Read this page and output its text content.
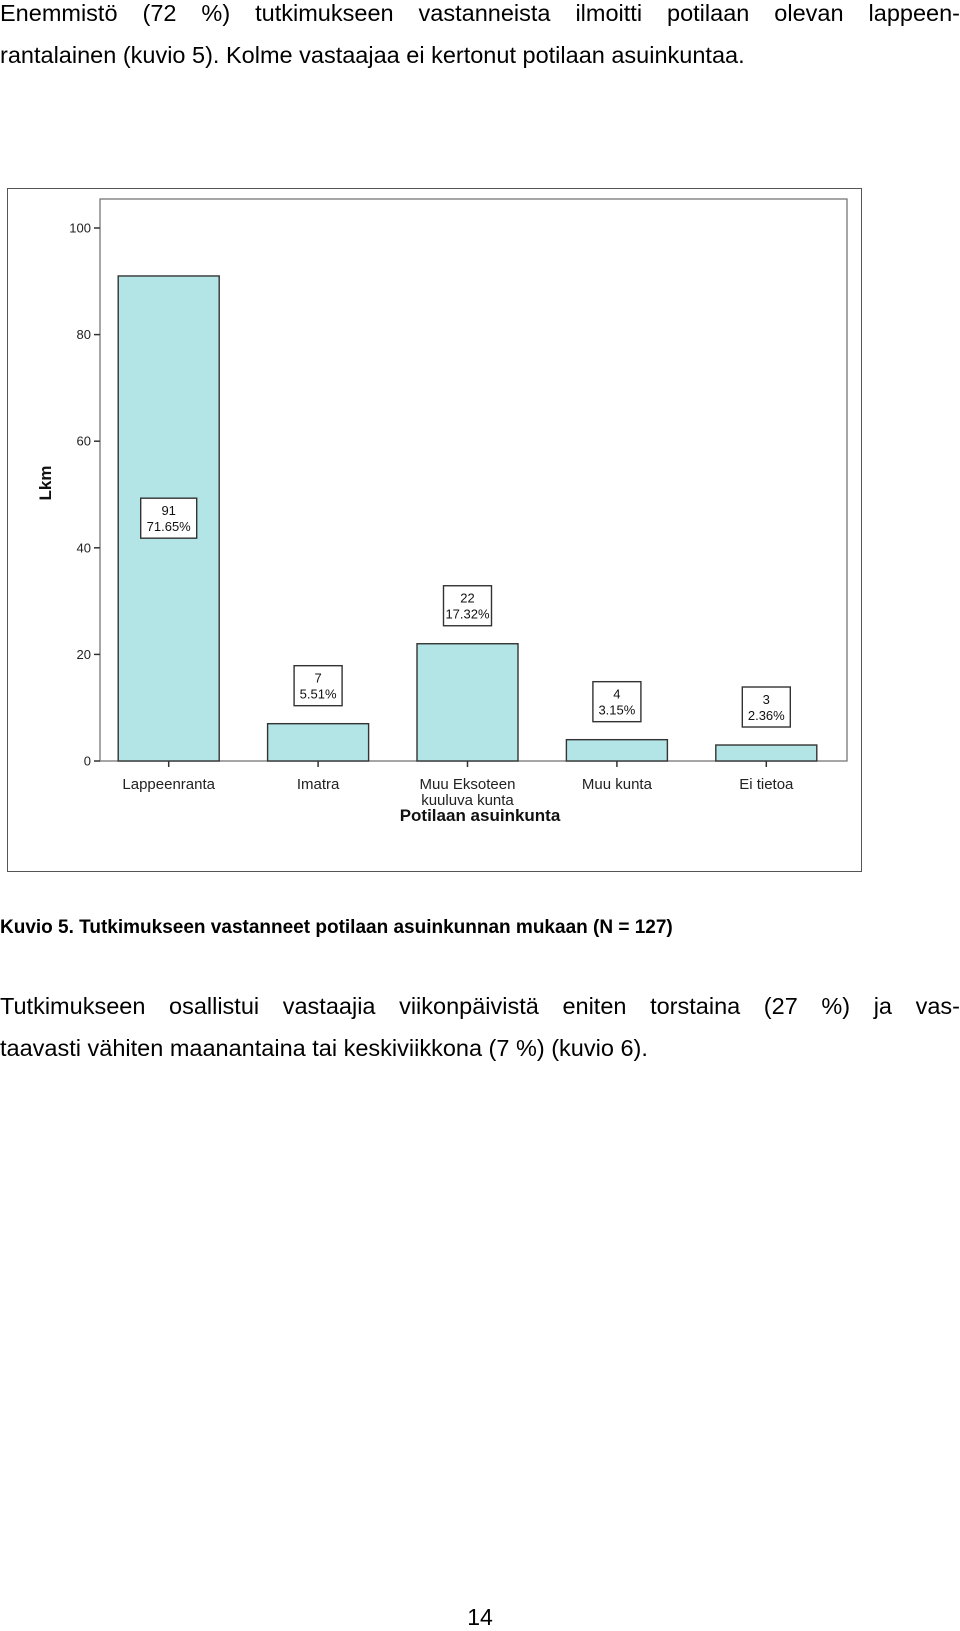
Enemmistö (72 %) tutkimukseen vastanneista ilmoitti potilaan olevan lappeen-
rantalainen (kuvio 5). Kolme vastaajaa ei kertonut potilaan asuinkuntaa.
0
20
40
60
80
100
Lkm
Lappeenranta
91
71.65%
Imatra
7
5.51%
Muu Eksoteen
kuuluva kunta
22
17.32%
Muu kunta
4
3.15%
Ei tietoa
3
2.36%
Potilaan asuinkunta
Kuvio 5. Tutkimukseen vastanneet potilaan asuinkunnan mukaan (N = 127)
Tutkimukseen osallistui vastaajia viikonpäivistä eniten torstaina (27 %) ja vas-
taavasti vähiten maanantaina tai keskiviikkona (7 %) (kuvio 6).
14
